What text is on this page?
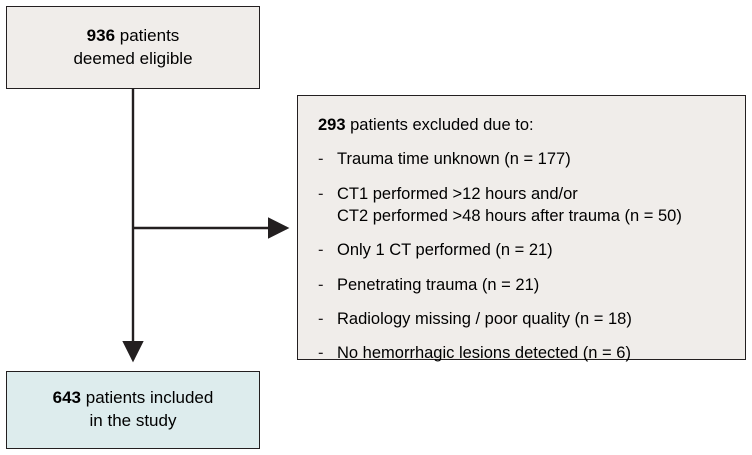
936 patients
deemed eligible

293 patients excluded due to:

- Trauma time unknown (n = 177)
- CT1 performed >12 hours and/or
CT2 performed >48 hours after trauma (n = 50)
- Only 1 CT performed (n = 21)
- Penetrating trauma (n = 21)
- Radiology missing / poor quality (n = 18)
- No hemorrhagic lesions detected (n = 6)
643 patients included
in the study
